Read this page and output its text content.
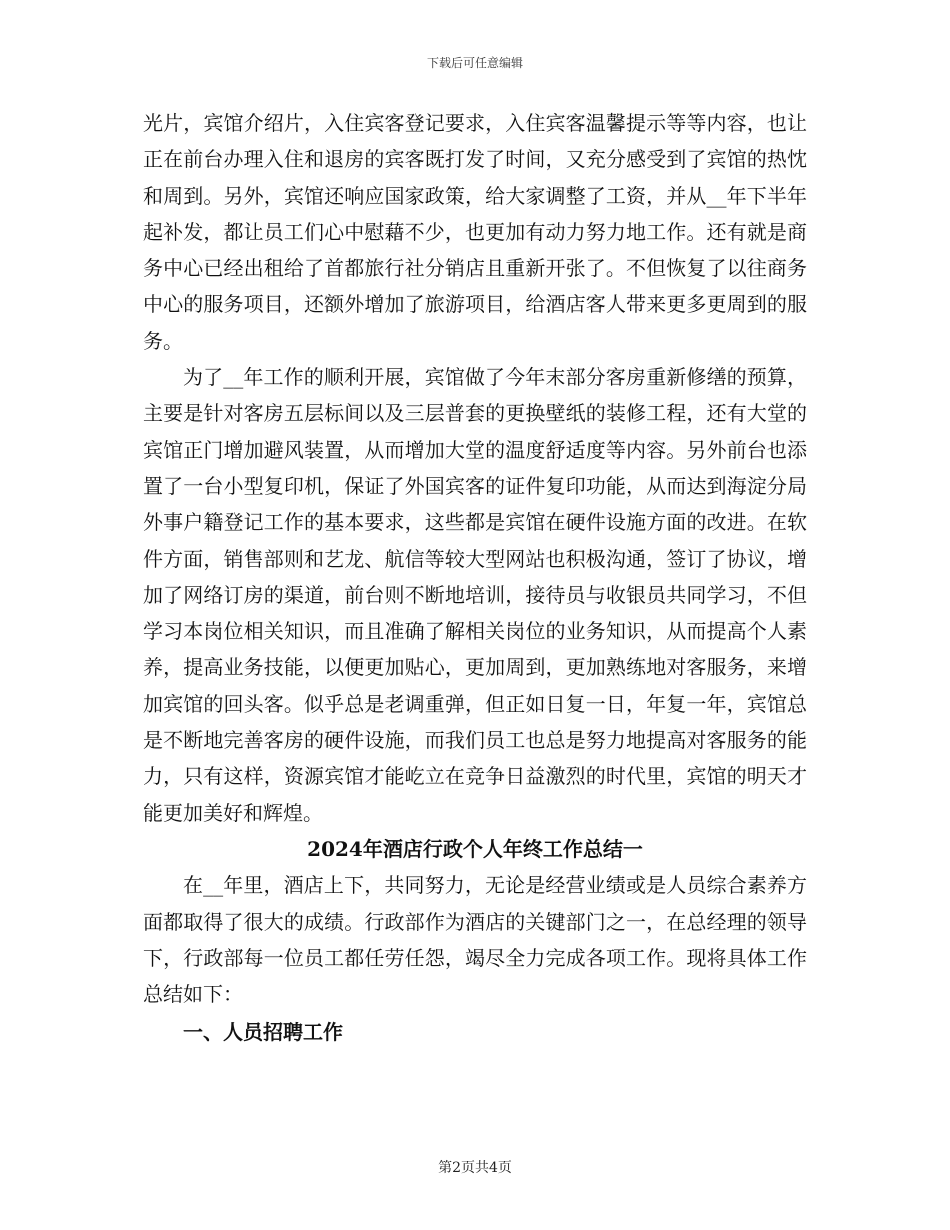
下载后可任意编辑

光片，宾馆介绍片，入住宾客登记要求，入住宾客温馨提示等等内容，也让正在前台办理入住和退房的宾客既打发了时间，又充分感受到了宾馆的热忱和周到。另外，宾馆还响应国家政策，给大家调整了工资，并从__年下半年起补发，都让员工们心中慰藉不少，也更加有动力努力地工作。还有就是商务中心已经出租给了首都旅行社分销店且重新开张了。不但恢复了以往商务中心的服务项目，还额外增加了旅游项目，给酒店客人带来更多更周到的服务。

为了__年工作的顺利开展，宾馆做了今年末部分客房重新修缮的预算，主要是针对客房五层标间以及三层普套的更换壁纸的装修工程，还有大堂的宾馆正门增加避风装置，从而增加大堂的温度舒适度等内容。另外前台也添置了一台小型复印机，保证了外国宾客的证件复印功能，从而达到海淀分局外事户籍登记工作的基本要求，这些都是宾馆在硬件设施方面的改进。在软件方面，销售部则和艺龙、航信等较大型网站也积极沟通，签订了协议，增加了网络订房的渠道，前台则不断地培训，接待员与收银员共同学习，不但学习本岗位相关知识，而且准确了解相关岗位的业务知识，从而提高个人素养，提高业务技能，以便更加贴心，更加周到，更加熟练地对客服务，来增加宾馆的回头客。似乎总是老调重弹，但正如日复一日，年复一年，宾馆总是不断地完善客房的硬件设施，而我们员工也总是努力地提高对客服务的能力，只有这样，资源宾馆才能屹立在竞争日益激烈的时代里，宾馆的明天才能更加美好和辉煌。

2024年酒店行政个人年终工作总结一

在__年里，酒店上下，共同努力，无论是经营业绩或是人员综合素养方面都取得了很大的成绩。行政部作为酒店的关键部门之一，在总经理的领导下，行政部每一位员工都任劳任怨，竭尽全力完成各项工作。现将具体工作总结如下：

一、人员招聘工作

第2页共4页
